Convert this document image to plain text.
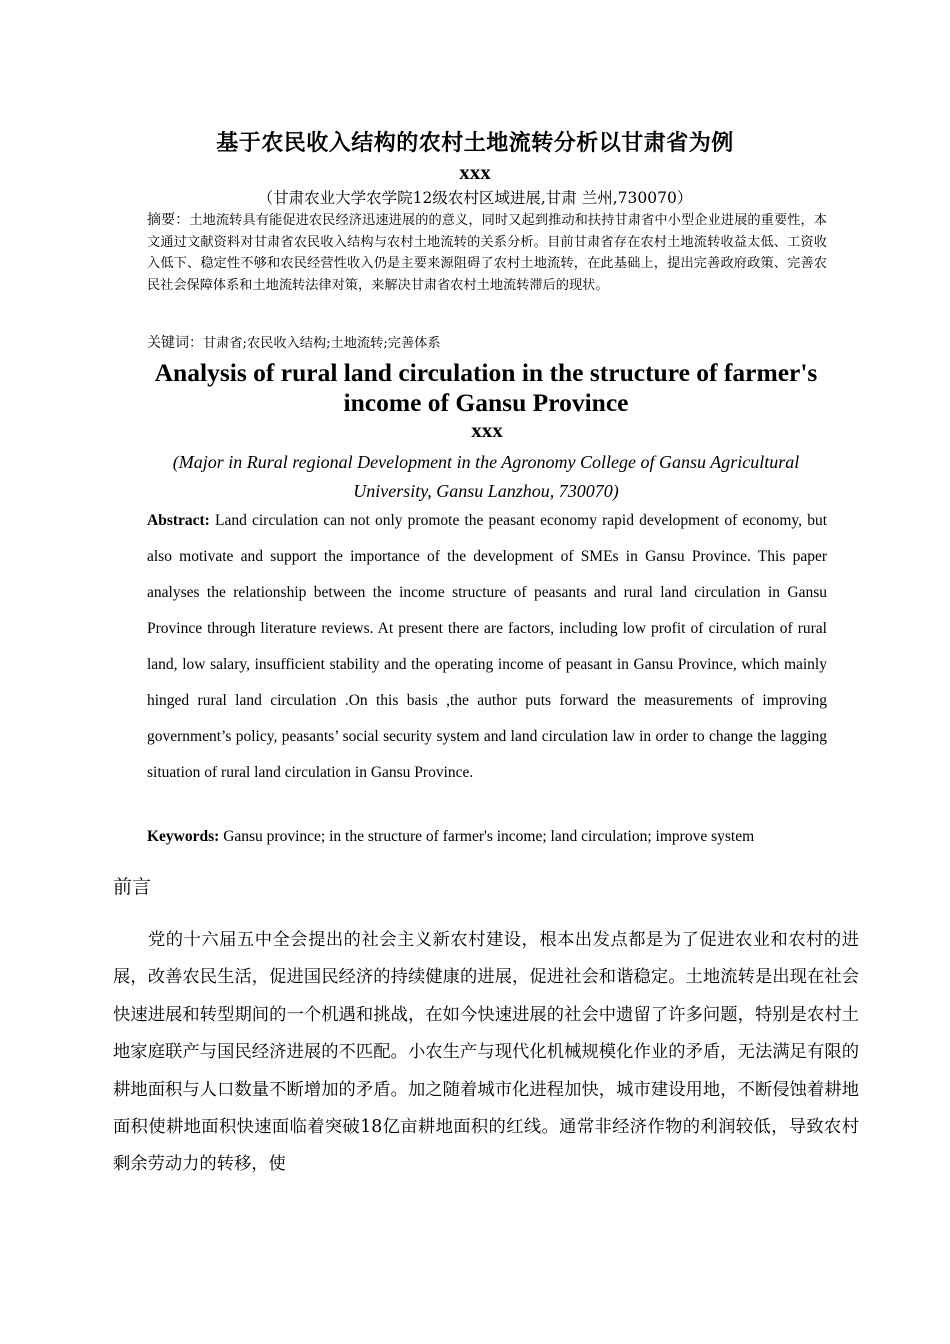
基于农民收入结构的农村土地流转分析以甘肃省为例
xxx
（甘肃农业大学农学院12级农村区域进展,甘肃 兰州,730070）
摘要：土地流转具有能促进农民经济迅速进展的的意义，同时又起到推动和扶持甘肃省中小型企业进展的重要性，本文通过文献资料对甘肃省农民收入结构与农村土地流转的关系分析。目前甘肃省存在农村土地流转收益太低、工资收入低下、稳定性不够和农民经营性收入仍是主要来源阻碍了农村土地流转，在此基础上，提出完善政府政策、完善农民社会保障体系和土地流转法律对策，来解决甘肃省农村土地流转滞后的现状。
关键词：甘肃省;农民收入结构;土地流转;完善体系
Analysis of rural land circulation in the structure of farmer's income of Gansu Province
xxx
(Major in Rural regional Development in the Agronomy College of Gansu Agricultural University, Gansu Lanzhou, 730070)
Abstract: Land circulation can not only promote the peasant economy rapid development of economy, but also motivate and support the importance of the development of SMEs in Gansu Province. This paper analyses the relationship between the income structure of peasants and rural land circulation in Gansu Province through literature reviews. At present there are factors, including low profit of circulation of rural land, low salary, insufficient stability and the operating income of peasant in Gansu Province, which mainly hinged rural land circulation .On this basis ,the author puts forward the measurements of improving government’s policy, peasants’ social security system and land circulation law in order to change the lagging situation of rural land circulation in Gansu Province.
Keywords: Gansu province; in the structure of farmer's income; land circulation; improve system
前言
党的十六届五中全会提出的社会主义新农村建设，根本出发点都是为了促进农业和农村的进展，改善农民生活，促进国民经济的持续健康的进展，促进社会和谐稳定。土地流转是出现在社会快速进展和转型期间的一个机遇和挑战，在如今快速进展的社会中遗留了许多问题，特别是农村土地家庭联产与国民经济进展的不匹配。小农生产与现代化机械规模化作业的矛盾，无法满足有限的耕地面积与人口数量不断增加的矛盾。加之随着城市化进程加快，城市建设用地，不断侵蚀着耕地面积使耕地面积快速面临着突破18亿亩耕地面积的红线。通常非经济作物的利润较低，导致农村剩余劳动力的转移，使
